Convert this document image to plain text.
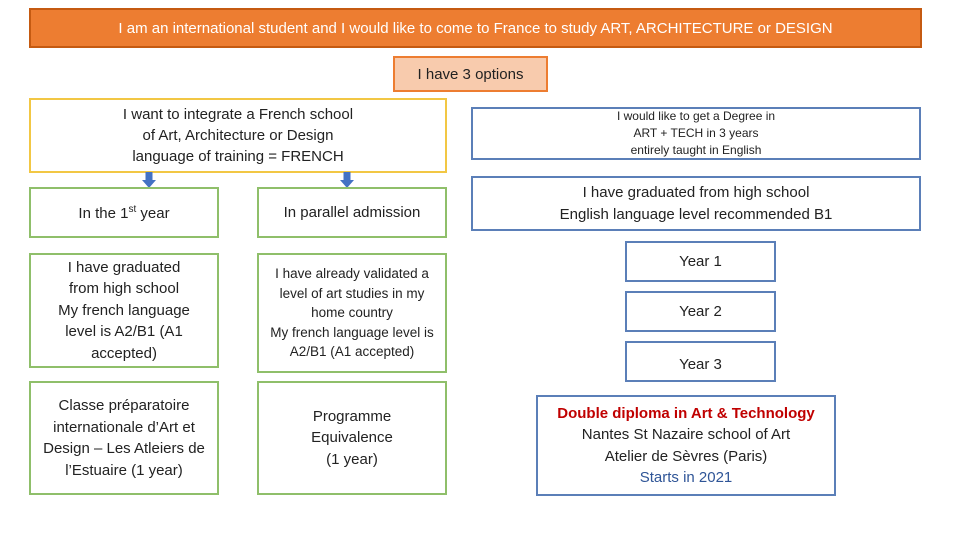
I am an international student and I would like to come to France to study ART, ARCHITECTURE or DESIGN
I have 3 options
I want to integrate a French school
of Art, Architecture or Design
language of training = FRENCH
In the 1st year
I have graduated
from high school
My french language
level is A2/B1 (A1
accepted)
Classe préparatoire
internationale d’Art et
Design – Les Atleiers de
l’Estuaire (1 year)
In parallel admission
I have already validated a
level of art studies in my
home country
My french language level is
A2/B1 (A1 accepted)
Programme
Equivalence
(1 year)
I would like to get a Degree in
ART + TECH in 3 years
entirely taught in English
I have graduated from high school
English language level recommended B1
Year 1
Year 2
Year 3
Double diploma in Art & Technology
Nantes St Nazaire school of Art
Atelier de Sèvres (Paris)
Starts in 2021
